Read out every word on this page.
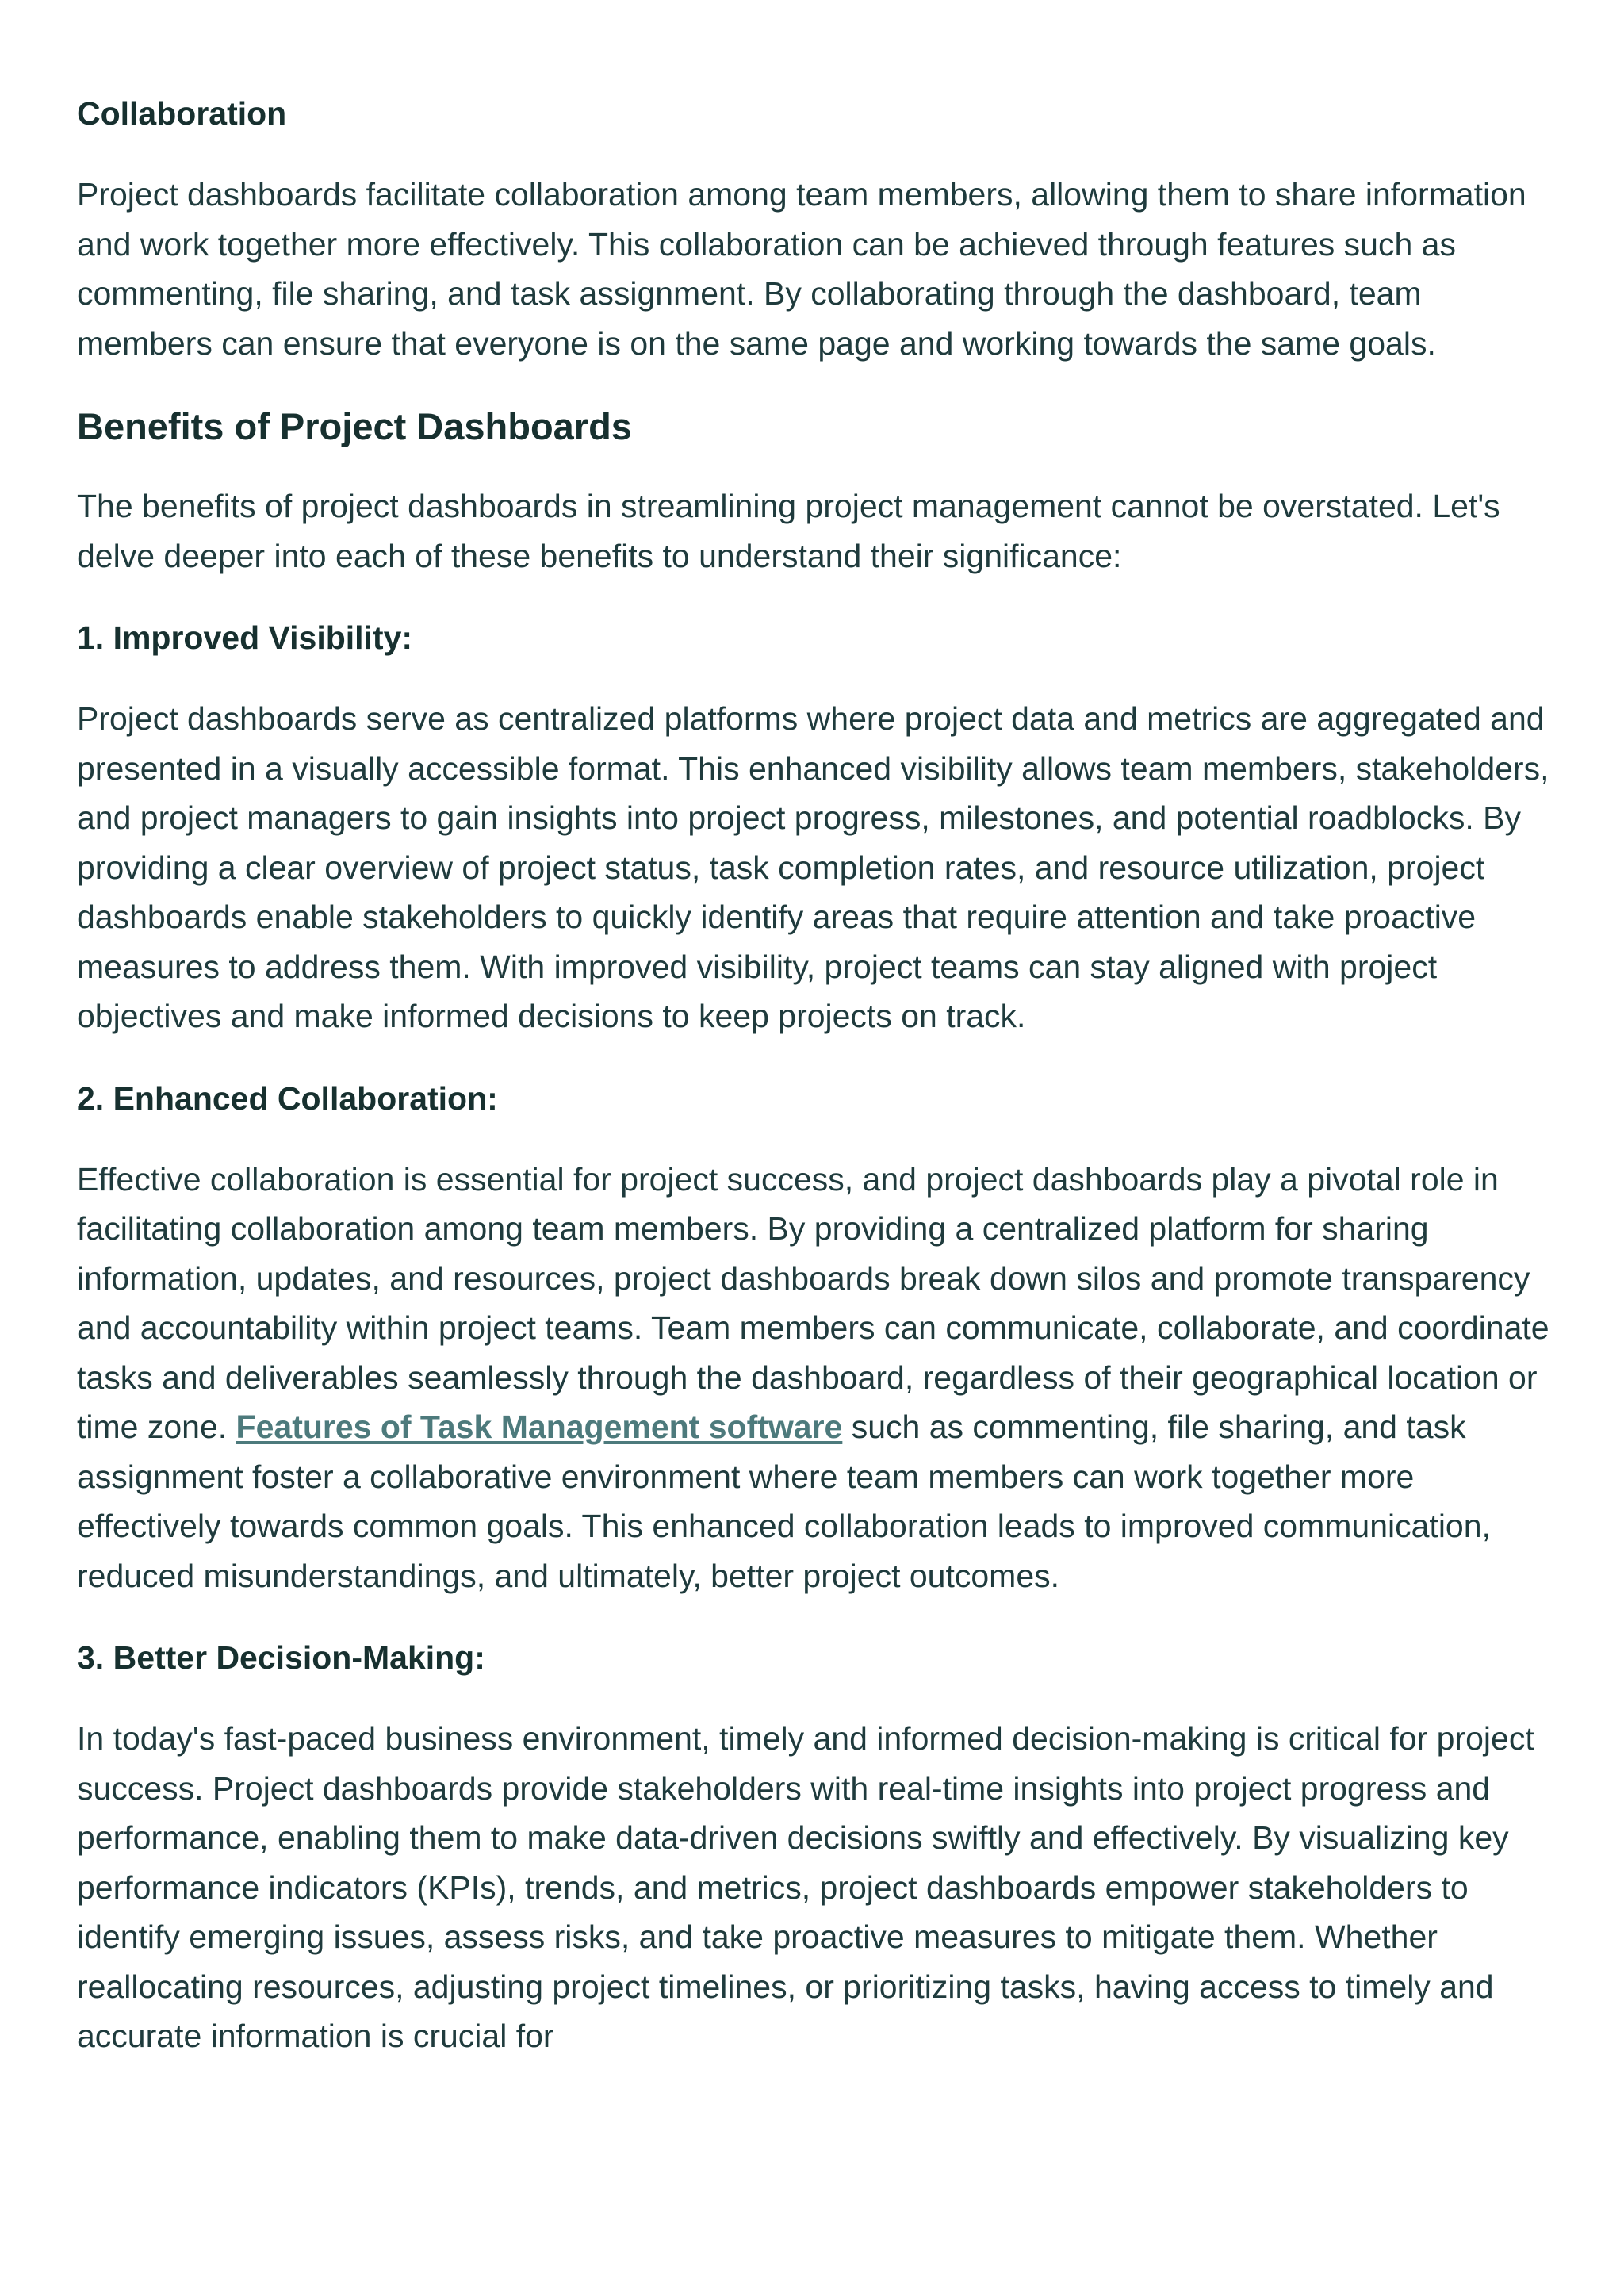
Collaboration

Project dashboards facilitate collaboration among team members, allowing them to share information and work together more effectively. This collaboration can be achieved through features such as commenting, file sharing, and task assignment. By collaborating through the dashboard, team members can ensure that everyone is on the same page and working towards the same goals.

Benefits of Project Dashboards

The benefits of project dashboards in streamlining project management cannot be overstated. Let's delve deeper into each of these benefits to understand their significance:

1. Improved Visibility:

Project dashboards serve as centralized platforms where project data and metrics are aggregated and presented in a visually accessible format. This enhanced visibility allows team members, stakeholders, and project managers to gain insights into project progress, milestones, and potential roadblocks. By providing a clear overview of project status, task completion rates, and resource utilization, project dashboards enable stakeholders to quickly identify areas that require attention and take proactive measures to address them. With improved visibility, project teams can stay aligned with project objectives and make informed decisions to keep projects on track.

2. Enhanced Collaboration:

Effective collaboration is essential for project success, and project dashboards play a pivotal role in facilitating collaboration among team members. By providing a centralized platform for sharing information, updates, and resources, project dashboards break down silos and promote transparency and accountability within project teams. Team members can communicate, collaborate, and coordinate tasks and deliverables seamlessly through the dashboard, regardless of their geographical location or time zone. Features of Task Management software such as commenting, file sharing, and task assignment foster a collaborative environment where team members can work together more effectively towards common goals. This enhanced collaboration leads to improved communication, reduced misunderstandings, and ultimately, better project outcomes.

3. Better Decision-Making:

In today's fast-paced business environment, timely and informed decision-making is critical for project success. Project dashboards provide stakeholders with real-time insights into project progress and performance, enabling them to make data-driven decisions swiftly and effectively. By visualizing key performance indicators (KPIs), trends, and metrics, project dashboards empower stakeholders to identify emerging issues, assess risks, and take proactive measures to mitigate them. Whether reallocating resources, adjusting project timelines, or prioritizing tasks, having access to timely and accurate information is crucial for
